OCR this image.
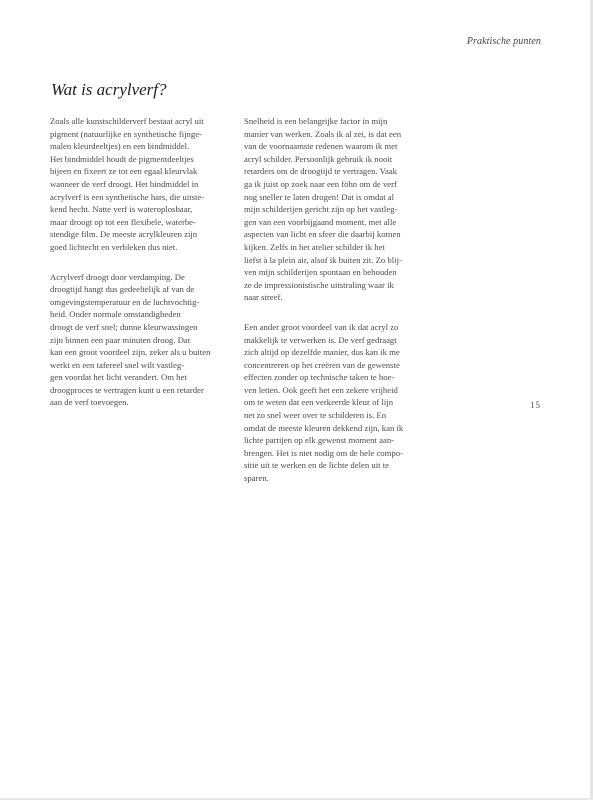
Praktische punten
Wat is acrylverf?

Zoals alle kunstschilderverf bestaat acryl uit
pigment (natuurlijke en synthetische fijnge-
malen kleurdeeltjes) en een bindmiddel.
Het bindmiddel houdt de pigmentdeeltjes
bijeen en fixeert ze tot een egaal kleurvlak
wanneer de verf droogt. Het bindmiddel in
acrylverf is een synthetische hars, die uitste-
kend hecht. Natte verf is wateroplosbaar,
maar droogt op tot een flexibele, waterbe-
stendige film. De meeste acrylkleuren zijn
goed lichtecht en verbleken dus niet.

Acrylverf droogt door verdamping. De
droogtijd hangt dus gedeeltelijk af van de
omgevingstemperatuur en de luchtvochtig-
heid. Onder normale omstandigheden
droogt de verf snel; dunne kleurwassingen
zijn binnen een paar minuten droog. Dat
kan een groot voordeel zijn, zeker als u buiten
werkt en een tafereel snel wilt vastleg-
gen voordat het licht verandert. Om het
droogproces te vertragen kunt u een retarder
aan de verf toevoegen.

Snelheid is een belangrijke factor in mijn
manier van werken. Zoals ik al zei, is dat een
van de voornaamste redenen waarom ik met
acryl schilder. Persoonlijk gebruik ik nooit
retarders om de droogtijd te vertragen. Vaak
ga ik juist op zoek naar een föhn om de verf
nog sneller te laten drogen! Dat is omdat al
mijn schilderijen gericht zijn op het vastleg-
gen van een voorbijgaand moment, met alle
aspecten van licht en sfeer die daarbij komen
kijken. Zelfs in het atelier schilder ik het
liefst à la plein air, alsof ik buiten zit. Zo blij-
ven mijn schilderijen spontaan en behouden
ze de impressionistische uitstraling waar ik
naar streef.

Een ander groot voordeel van ik dat acryl zo
makkelijk te verwerken is. De verf gedraagt
zich altijd op dezelfde manier, dus kan ik me
concentreren op het creëren van de gewenste
effecten zonder op technische taken te hoe-
ven letten. Ook geeft het een zekere vrijheid
om te weten dat een verkeerde kleur of lijn
net zo snel weer over te schilderen is. En
omdat de meeste kleuren dekkend zijn, kan ik
lichte partijen op elk gewenst moment aan-
brengen. Het is niet nodig om de hele compo-
sitie uit te werken en de lichte delen uit te
sparen.

15
